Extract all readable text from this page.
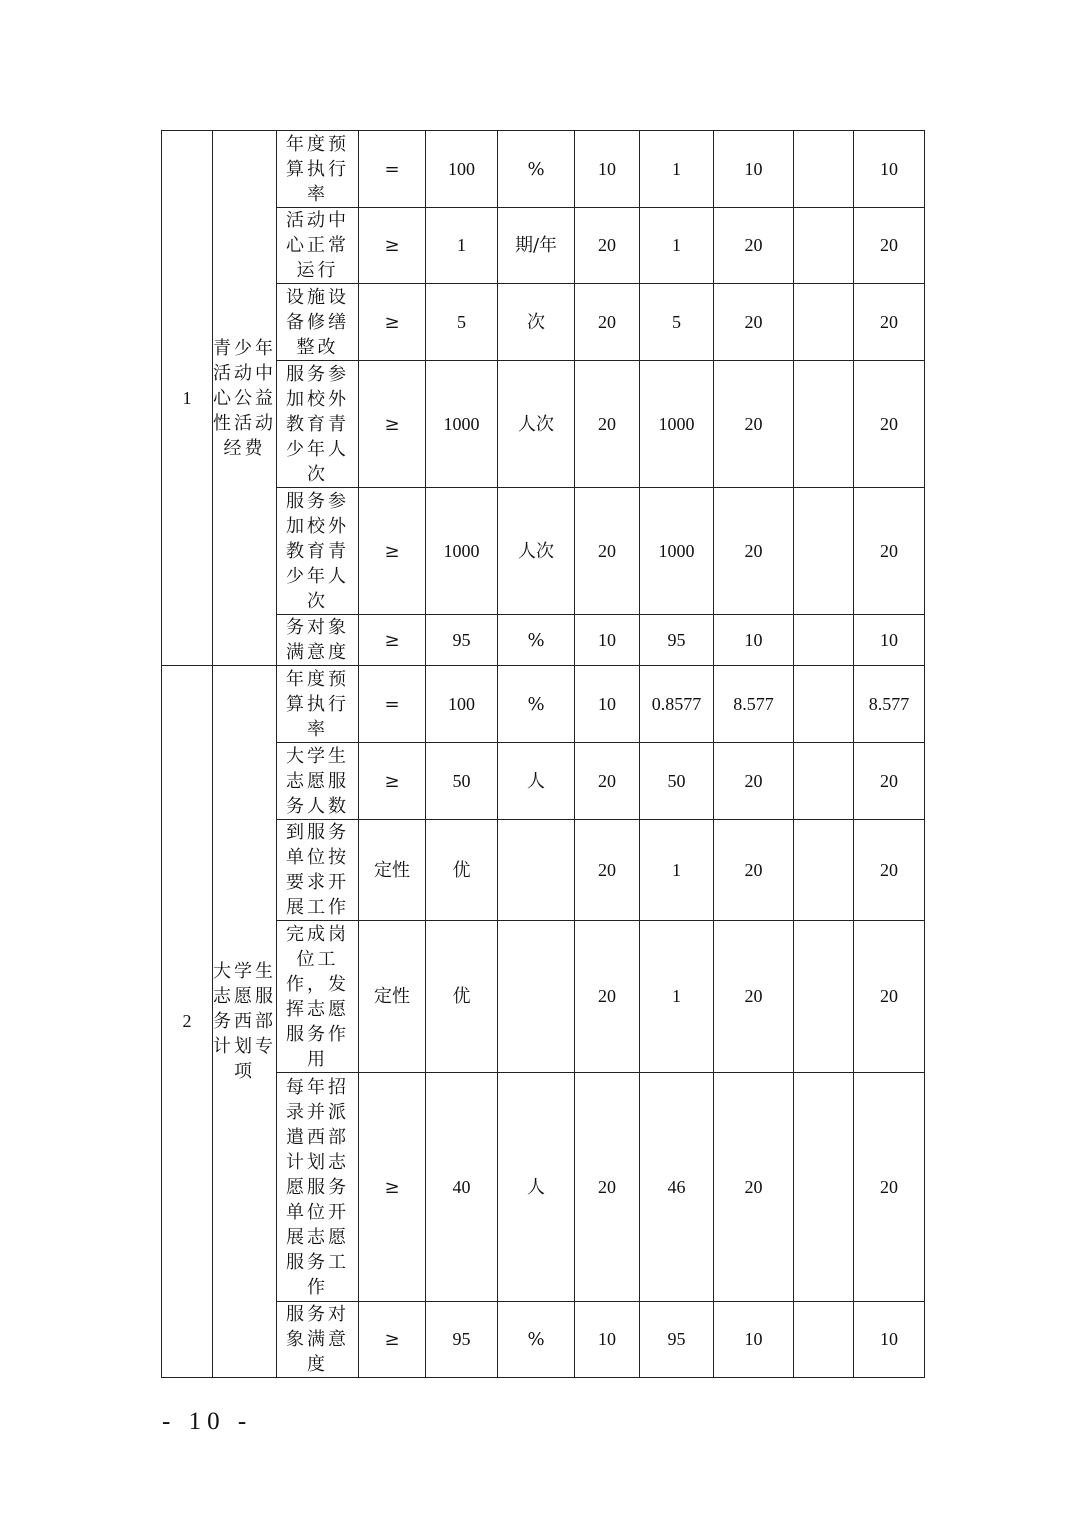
1	青少年活动中心公益性活动经费	年度预算执行率	=	100	%	10	1	10		10

		活动中心正常运行	≥	1	期/年	20	1	20		20

		设施设备修缮整改	≥	5	次	20	5	20		20

		服务参加校外教育青少年人次	≥	1000	人次	20	1000	20		20

		服务参加校外教育青少年人次	≥	1000	人次	20	1000	20		20

		务对象满意度	≥	95	%	10	95	10		10
2	大学生志愿服务西部计划专项	年度预算执行率	=	100	%	10	0.8577	8.577		8.577

		大学生志愿服务人数	≥	50	人	20	50	20		20

		到服务单位按要求开展工作	定性	优		20	1	20		20

		完成岗位工作，发挥志愿服务作用	定性	优		20	1	20		20

		每年招录并派遣西部计划志愿服务单位开展志愿服务工作	≥	40	人	20	46	20		20

		服务对象满意度	≥	95	%	10	95	10		10
- 10 -
